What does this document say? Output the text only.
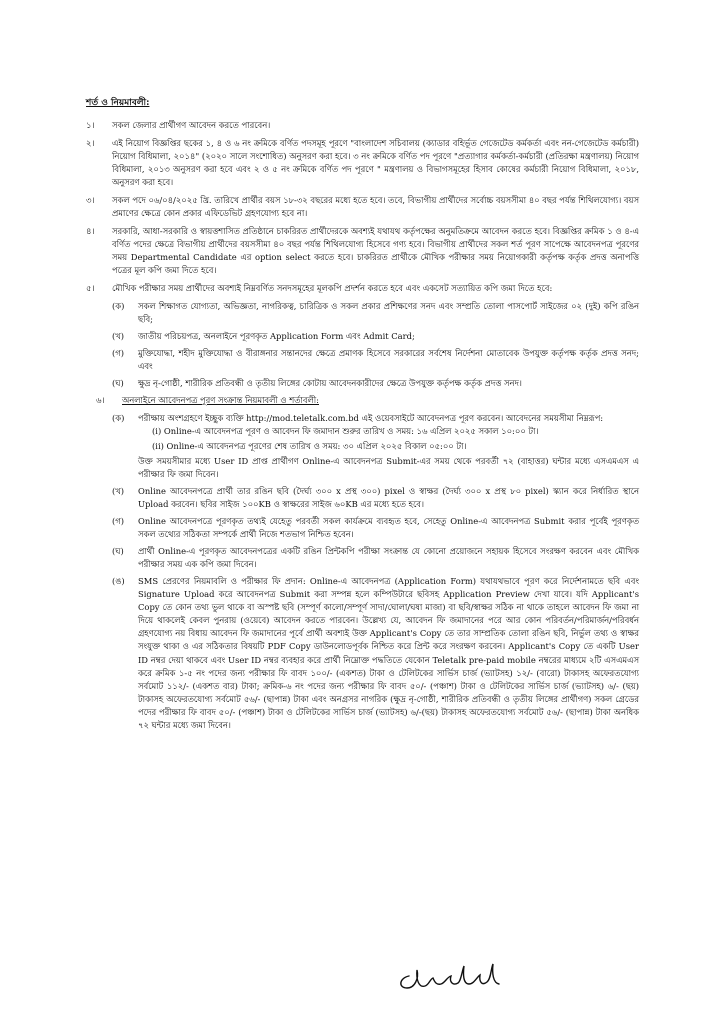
শর্ত ও নিয়মাবলী:
১।	সকল জেলার প্রার্থীগণ আবেদন করতে পারবেন।
২।	এই নিয়োগ বিজ্ঞপ্তির ছকের ১, ৪ ও ৬ নং ক্রমিকে বর্ণিত পদসমূহ পূরণে "বাংলাদেশ সচিবালয় (ক্যাডার বহির্ভূত গেজেটেড কর্মকর্তা এবং নন-গেজেটেড কর্মচারী) নিয়োগ বিধিমালা, ২০১৪" (২০২০ সালে সংশোধিত) অনুসরণ করা হবে। ৩ নং ক্রমিকে বর্ণিত পদ পূরণে "প্রত্যাগার কর্মকর্তা-কর্মচারী (প্রতিরক্ষা মন্ত্রণালয়) নিয়োগ বিধিমালা, ২০১৩ অনুসরণ করা হবে এবং ২ ও ৫ নং ক্রমিকে বর্ণিত পদ পূরণে " মন্ত্রণালয় ও বিভাগসমূহের হিসাব কোষের কর্মচারী নিয়োগ বিধিমালা, ২০১৮, অনুসরণ করা হবে।
৩।	সকল পদে ০৬/০৪/২০২৫ খ্রি. তারিখে প্রার্থীর বয়স ১৮-৩২ বছরের মধ্যে হতে হবে। তবে, বিভাগীয় প্রার্থীদের সর্বোচ্চ বয়সসীমা ৪০ বছর পর্যন্ত শিথিলযোগ্য। বয়স প্রমাণের ক্ষেত্রে কোন প্রকার এফিডেভিট গ্রহণযোগ্য হবে না।
৪।	সরকারি, আধা-সরকারি ও স্বায়ত্তশাসিত প্রতিষ্ঠানে চাকরিরত প্রার্থীদেরকে অবশ্যই যথাযথ কর্তৃপক্ষের অনুমতিক্রমে আবেদন করতে হবে। বিজ্ঞপ্তির ক্রমিক ১ ও ৪-এ বর্ণিত পদের ক্ষেত্রে বিভাগীয় প্রার্থীদের বয়সসীমা ৪০ বছর পর্যন্ত শিথিলযোগ্য হিসেবে গণ্য হবে। বিভাগীয় প্রার্থীদের সকল শর্ত পূরণ সাপেক্ষে আবেদনপত্র পূরণের সময় Departmental Candidate এর option select করতে হবে। চাকরিরত প্রার্থীকে মৌখিক পরীক্ষার সময় নিয়োগকারী কর্তৃপক্ষ কর্তৃক প্রদত্ত অনাপত্তি পত্রের মূল কপি জমা দিতে হবে।
৫।	মৌখিক পরীক্ষার সময় প্রার্থীদের অবশ্যই নিম্নবর্ণিত সনদসমূহের মূলকপি প্রদর্শন করতে হবে এবং একসেট সত্যায়িত কপি জমা দিতে হবে:
(ক)	সকল শিক্ষাগত যোগ্যতা, অভিজ্ঞতা, নাগরিকত্ব, চারিত্রিক ও সকল প্রকার প্রশিক্ষণের সনদ এবং সম্প্রতি তোলা পাসপোর্ট সাইজের ০২ (দুই) কপি রঙিন ছবি;
(খ)	জাতীয় পরিচয়পত্র, অনলাইনে পূরণকৃত Application Form এবং Admit Card;
(গ)	মুক্তিযোদ্ধা, শহীদ মুক্তিযোদ্ধা ও বীরাঙ্গনার সন্তানদের ক্ষেত্রে প্রমাণক হিসেবে সরকারের সর্বশেষ নির্দেশনা মোতাবেক উপযুক্ত কর্তৃপক্ষ কর্তৃক প্রদত্ত সনদ; এবং
(ঘ)	ক্ষুদ্র নৃ-গোষ্ঠী, শারীরিক প্রতিবন্ধী ও তৃতীয় লিঙ্গের কোটায় আবেদনকারীদের ক্ষেত্রে উপযুক্ত কর্তৃপক্ষ কর্তৃক প্রদত্ত সনদ।
৬।	অনলাইনে আবেদনপত্র পূরণ সংক্রান্ত নিয়মাবলী ও শর্তাবলী:
(ক)	পরীক্ষায় অংশগ্রহণে ইচ্ছুক ব্যক্তি http://mod.teletalk.com.bd এই ওয়েবসাইটে আবেদনপত্র পূরণ করবেন। আবেদনের সময়সীমা নিম্নরূপ:
(i) Online-এ আবেদনপত্র পূরণ ও আবেদন ফি জমাদান শুরুর তারিখ ও সময়: ১৬ এপ্রিল ২০২৫ সকাল ১০:০০ টা।
(ii) Online-এ আবেদনপত্র পূরণের শেষ তারিখ ও সময়: ৩০ এপ্রিল ২০২৫ বিকাল ০৫:০০ টা।
উক্ত সময়সীমার মধ্যে User ID প্রাপ্ত প্রার্থীগণ Online-এ আবেদনপত্র Submit-এর সময় থেকে পরবর্তী ৭২ (বাহাত্তর) ঘন্টার মধ্যে এসএমএস এ পরীক্ষার ফি জমা দিবেন।
(খ)	Online আবেদনপত্রে প্রার্থী তার রঙিন ছবি (দৈর্ঘ্য ৩০০ x প্রস্থ ৩০০) pixel ও স্বাক্ষর (দৈর্ঘ্য ৩০০ x প্রস্থ ৮০ pixel) স্ক্যান করে নির্ধারিত স্থানে Upload করবেন। ছবির সাইজ ১০০KB ও স্বাক্ষরের সাইজ ৬০KB এর মধ্যে হতে হবে।
(গ)	Online আবেদনপত্রে পূরণকৃত তথ্যই যেহেতু পরবর্তী সকল কার্যক্রমে ব্যবহৃত হবে, সেহেতু Online-এ আবেদনপত্র Submit করার পূর্বেই পূরণকৃত সকল তথ্যের সঠিকতা সম্পর্কে প্রার্থী নিজে শতভাগ নিশ্চিত হবেন।
(ঘ)	প্রার্থী Online-এ পূরণকৃত আবেদনপত্রের একটি রঙিন প্রিন্টকপি পরীক্ষা সংক্রান্ত যে কোনো প্রয়োজনে সহায়ক হিসেবে সংরক্ষণ করবেন এবং মৌখিক পরীক্ষার সময় এক কপি জমা দিবেন।
(ঙ)	SMS প্রেরণের নিয়মাবলি ও পরীক্ষার ফি প্রদান: Online-এ আবেদনপত্র (Application Form) যথাযথভাবে পূরণ করে নির্দেশনামতে ছবি এবং Signature Upload করে আবেদনপত্র Submit করা সম্পন্ন হলে কম্পিউটারে ছবিসহ Application Preview দেখা যাবে। যদি Applicant's Copy তে কোন তথ্য ভুল থাকে বা অস্পষ্ট ছবি (সম্পূর্ণ কালো/সম্পূর্ণ সাদা/ঘোলা/ঘষা মাজা) বা ছবি/স্বাক্ষর সঠিক না থাকে তাহলে আবেদন ফি জমা না দিয়ে থাকলেই কেবল পুনরায় (ওয়েবে) আবেদন করতে পারবেন। উল্লেখ্য যে, আবেদন ফি জমাদানের পরে আর কোন পরিবর্তন/পরিমার্জন/পরিবর্ধন গ্রহণযোগ্য নয় বিধায় আবেদন ফি জমাদানের পূর্বে প্রার্থী অবশ্যই উক্ত Applicant's Copy তে তার সাম্প্রতিক তোলা রঙিন ছবি, নির্ভুল তথ্য ও স্বাক্ষর সংযুক্ত থাকা ও এর সঠিকতার বিষয়টি PDF Copy ডাউনলোডপূর্বক নিশ্চিত করে প্রিন্ট করে সংরক্ষণ করবেন। Applicant's Copy তে একটি User ID নম্বর দেয়া থাকবে এবং User ID নম্বর ব্যবহার করে প্রার্থী নিম্নোক্ত পদ্ধতিতে যেকোন Teletalk pre-paid mobile নম্বরের মাধ্যমে ২টি এসএমএস করে ক্রমিক ১-৫ নং পদের জন্য পরীক্ষার ফি বাবদ ১০০/- (একশত) টাকা ও টেলিটকের সার্ভিস চার্জ (ভ্যাটসহ) ১২/- (বারো) টাকাসহ অফেরতযোগ্য সর্বমোট ১১২/- (একশত বার) টাকা; ক্রমিক-৬ নং পদের জন্য পরীক্ষার ফি বাবদ ৫০/- (পঞ্চাশ) টাকা ও টেলিটকের সার্ভিস চার্জ (ভ্যাটসহ) ৬/- (ছয়) টাকাসহ অফেরতযোগ্য সর্বমোট ৫৬/- (ছাপান্ন) টাকা এবং অনগ্রসর নাগরিক (ক্ষুদ্র নৃ-গোষ্ঠী, শারীরিক প্রতিবন্ধী ও তৃতীয় লিঙ্গের প্রার্থীগণ) সকল গ্রেডের পদের পরীক্ষার ফি বাবদ ৫০/- (পঞ্চাশ) টাকা ও টেলিটকের সার্ভিস চার্জ (ভ্যাটসহ) ৬/-(ছয়) টাকাসহ অফেরতযোগ্য সর্বমোট ৫৬/- (ছাপান্ন) টাকা অনধিক ৭২ ঘন্টার মধ্যে জমা দিবেন।
